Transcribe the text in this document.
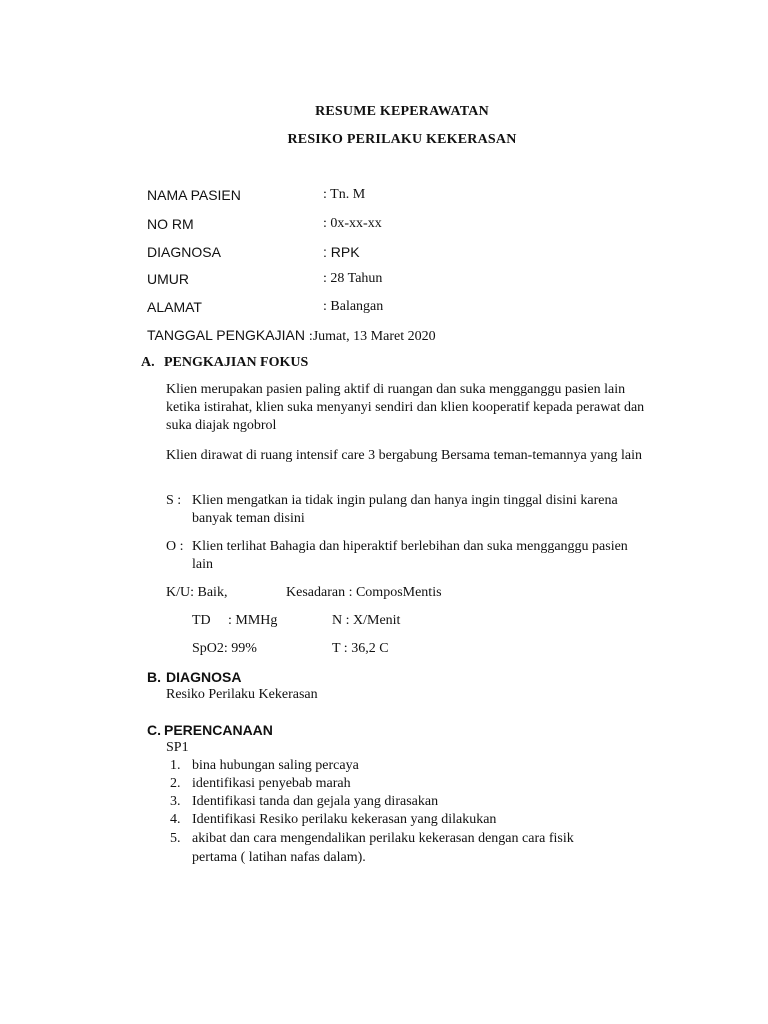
RESUME KEPERAWATAN
RESIKO PERILAKU KEKERASAN
NAMA PASIEN	: Tn. M
NO RM	: 0x-xx-xx
DIAGNOSA	: RPK
UMUR	: 28 Tahun
ALAMAT	: Balangan
TANGGAL PENGKAJIAN :Jumat, 13 Maret 2020
A. PENGKAJIAN FOKUS
Klien merupakan pasien paling aktif di ruangan dan suka mengganggu pasien lain ketika istirahat, klien suka menyanyi sendiri dan klien kooperatif kepada perawat dan suka diajak ngobrol
Klien dirawat di ruang intensif care 3 bergabung Bersama teman-temannya yang lain
S : Klien mengatkan ia tidak ingin pulang dan hanya ingin tinggal disini karena banyak teman disini
O : Klien terlihat Bahagia dan hiperaktif berlebihan dan suka mengganggu pasien lain
K/U: Baik,	Kesadaran : ComposMentis
TD : MMHg	N : X/Menit
SpO2: 99%	T : 36,2 C
B. DIAGNOSA
Resiko Perilaku Kekerasan
C. PERENCANAAN
SP1
1. bina hubungan saling percaya
2. identifikasi penyebab marah
3. Identifikasi tanda dan gejala yang dirasakan
4. Identifikasi Resiko perilaku kekerasan yang dilakukan
5. akibat dan cara mengendalikan perilaku kekerasan dengan cara fisik
pertama ( latihan nafas dalam).
